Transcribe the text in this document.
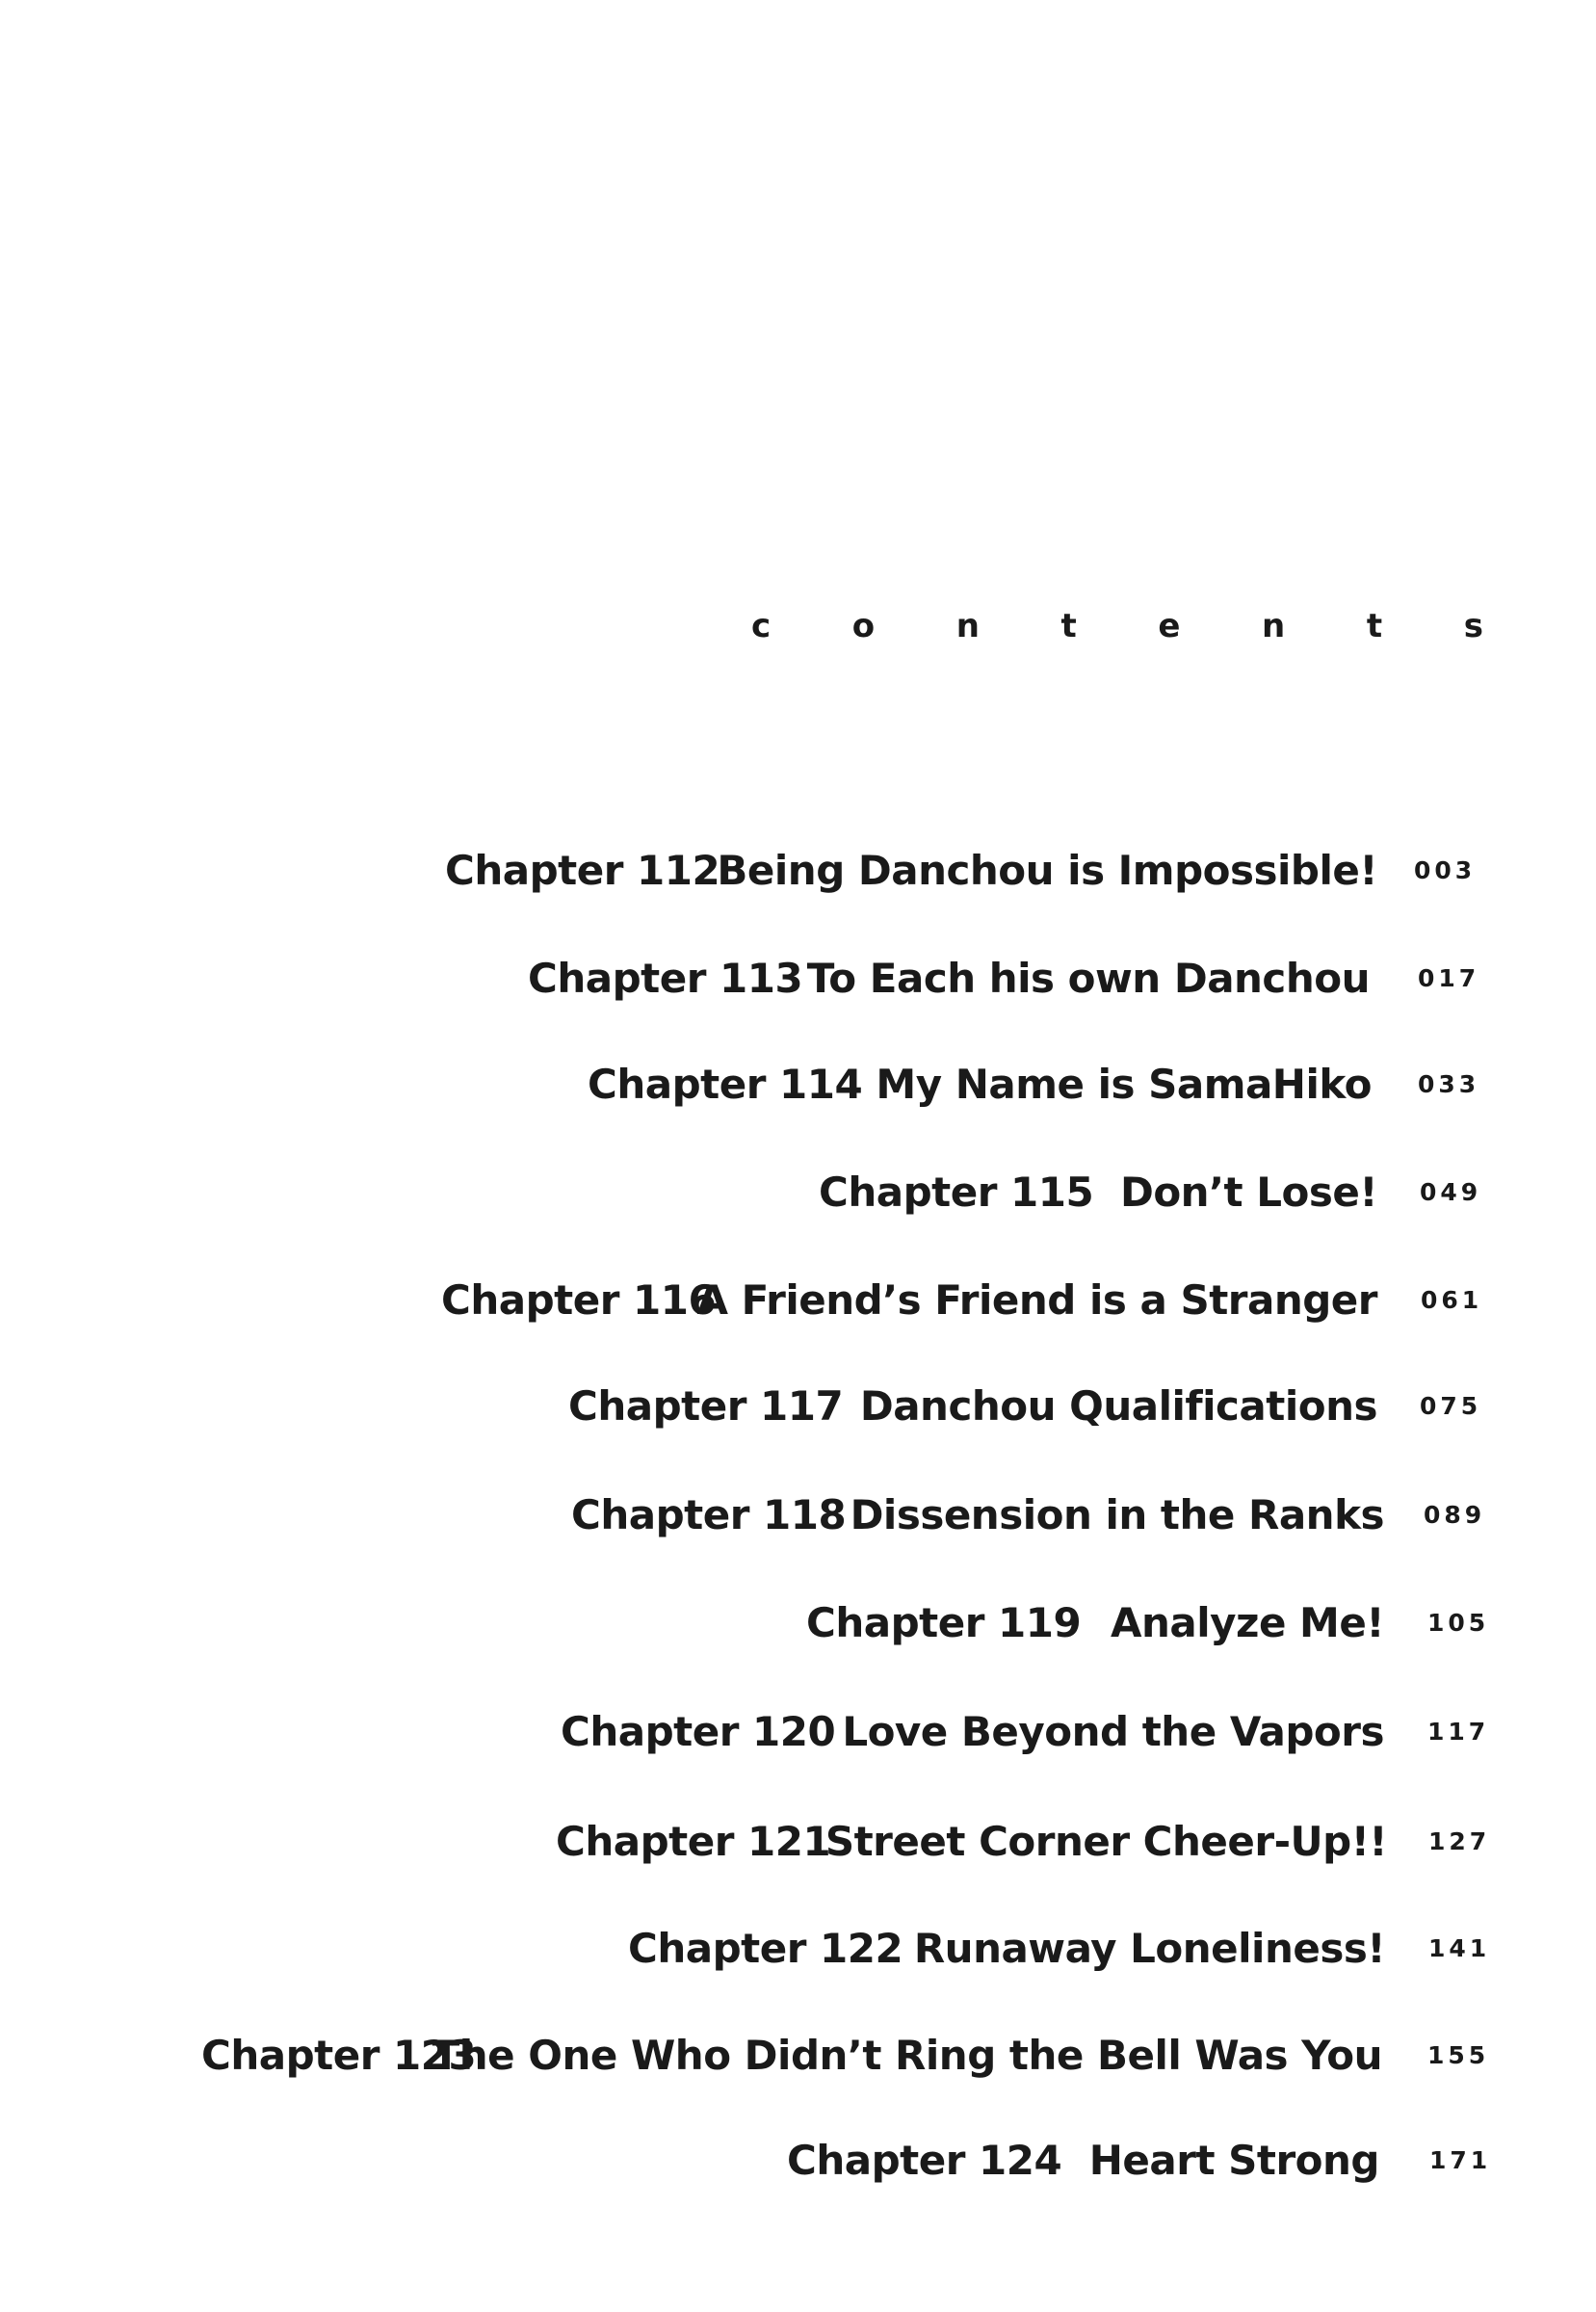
c o n t e n t s
Chapter 112
Being Danchou is Impossible! 003
Chapter 113 To Each his own Danchou 017
Chapter 114 My Name is SamaHiko 033
Chapter 115 Don’t Lose! 049
Chapter 116
A Friend’s Friend is a Stranger 061
Chapter 117 Danchou Qualifications 075
Chapter 118 Dissension in the Ranks 089
Chapter 119 Analyze Me! 105
Chapter 120 Love Beyond the Vapors 117
Chapter 121
Street Corner Cheer-Up!! 127
Chapter 122 Runaway Loneliness! 141
Chapter 123
The One Who Didn’t Ring the Bell Was You 155
Chapter 124 Heart Strong 171
